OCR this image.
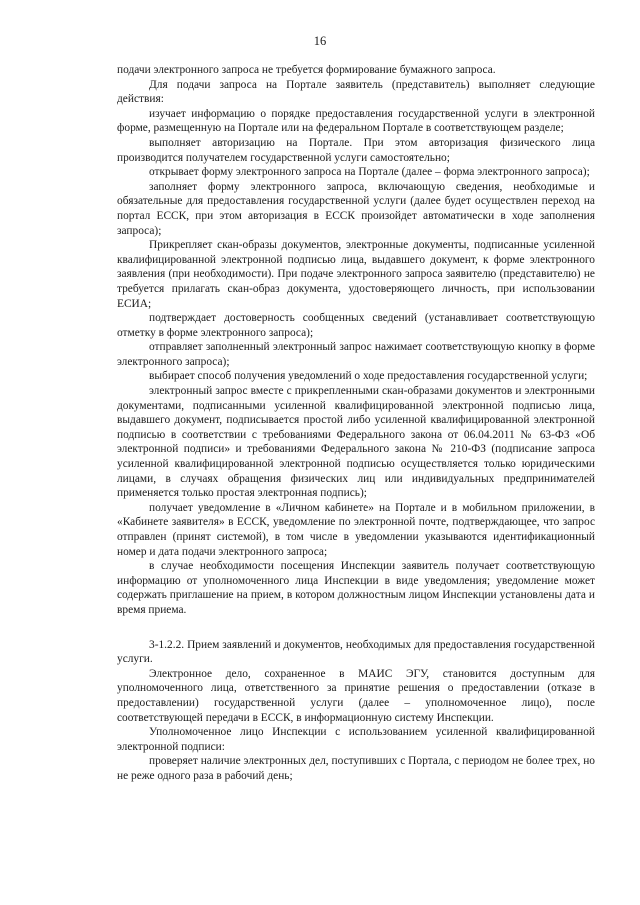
16

подачи электронного запроса не требуется формирование бумажного запроса.

Для подачи запроса на Портале заявитель (представитель) выполняет следующие действия:

изучает информацию о порядке предоставления государственной услуги в электронной форме, размещенную на Портале или на федеральном Портале в соответствующем разделе;

выполняет авторизацию на Портале. При этом авторизация физического лица производится получателем государственной услуги самостоятельно;

открывает форму электронного запроса на Портале (далее – форма электронного запроса);

заполняет форму электронного запроса, включающую сведения, необходимые и обязательные для предоставления государственной услуги (далее будет осуществлен переход на портал ЕССК, при этом авторизация в ЕССК произойдет автоматически в ходе заполнения запроса);

Прикрепляет скан-образы документов, электронные документы, подписанные усиленной квалифицированной электронной подписью лица, выдавшего документ, к форме электронного заявления (при необходимости). При подаче электронного запроса заявителю (представителю) не требуется прилагать скан-образ документа, удостоверяющего личность, при использовании ЕСИА;

подтверждает достоверность сообщенных сведений (устанавливает соответствующую отметку в форме электронного запроса);

отправляет заполненный электронный запрос нажимает соответствующую кнопку в форме электронного запроса);

выбирает способ получения уведомлений о ходе предоставления государственной услуги;

электронный запрос вместе с прикрепленными скан-образами документов и электронными документами, подписанными усиленной квалифицированной электронной подписью лица, выдавшего документ, подписывается простой либо усиленной квалифицированной электронной подписью в соответствии с требованиями Федерального закона от 06.04.2011 № 63-ФЗ «Об электронной подписи» и требованиями Федерального закона № 210-ФЗ (подписание запроса усиленной квалифицированной электронной подписью осуществляется только юридическими лицами, в случаях обращения физических лиц или индивидуальных предпринимателей применяется только простая электронная подпись);

получает уведомление в «Личном кабинете» на Портале и в мобильном приложении, в «Кабинете заявителя» в ЕССК, уведомление по электронной почте, подтверждающее, что запрос отправлен (принят системой), в том числе в уведомлении указываются идентификационный номер и дата подачи электронного запроса;

в случае необходимости посещения Инспекции заявитель получает соответствующую информацию от уполномоченного лица Инспекции в виде уведомления; уведомление может содержать приглашение на прием, в котором должностным лицом Инспекции установлены дата и время приема.

3-1.2.2. Прием заявлений и документов, необходимых для предоставления государственной услуги.

Электронное дело, сохраненное в МАИС ЭГУ, становится доступным для уполномоченного лица, ответственного за принятие решения о предоставлении (отказе в предоставлении) государственной услуги (далее – уполномоченное лицо), после соответствующей передачи в ЕССК, в информационную систему Инспекции.

Уполномоченное лицо Инспекции с использованием усиленной квалифицированной электронной подписи:

проверяет наличие электронных дел, поступивших с Портала, с периодом не более трех, но не реже одного раза в рабочий день;
